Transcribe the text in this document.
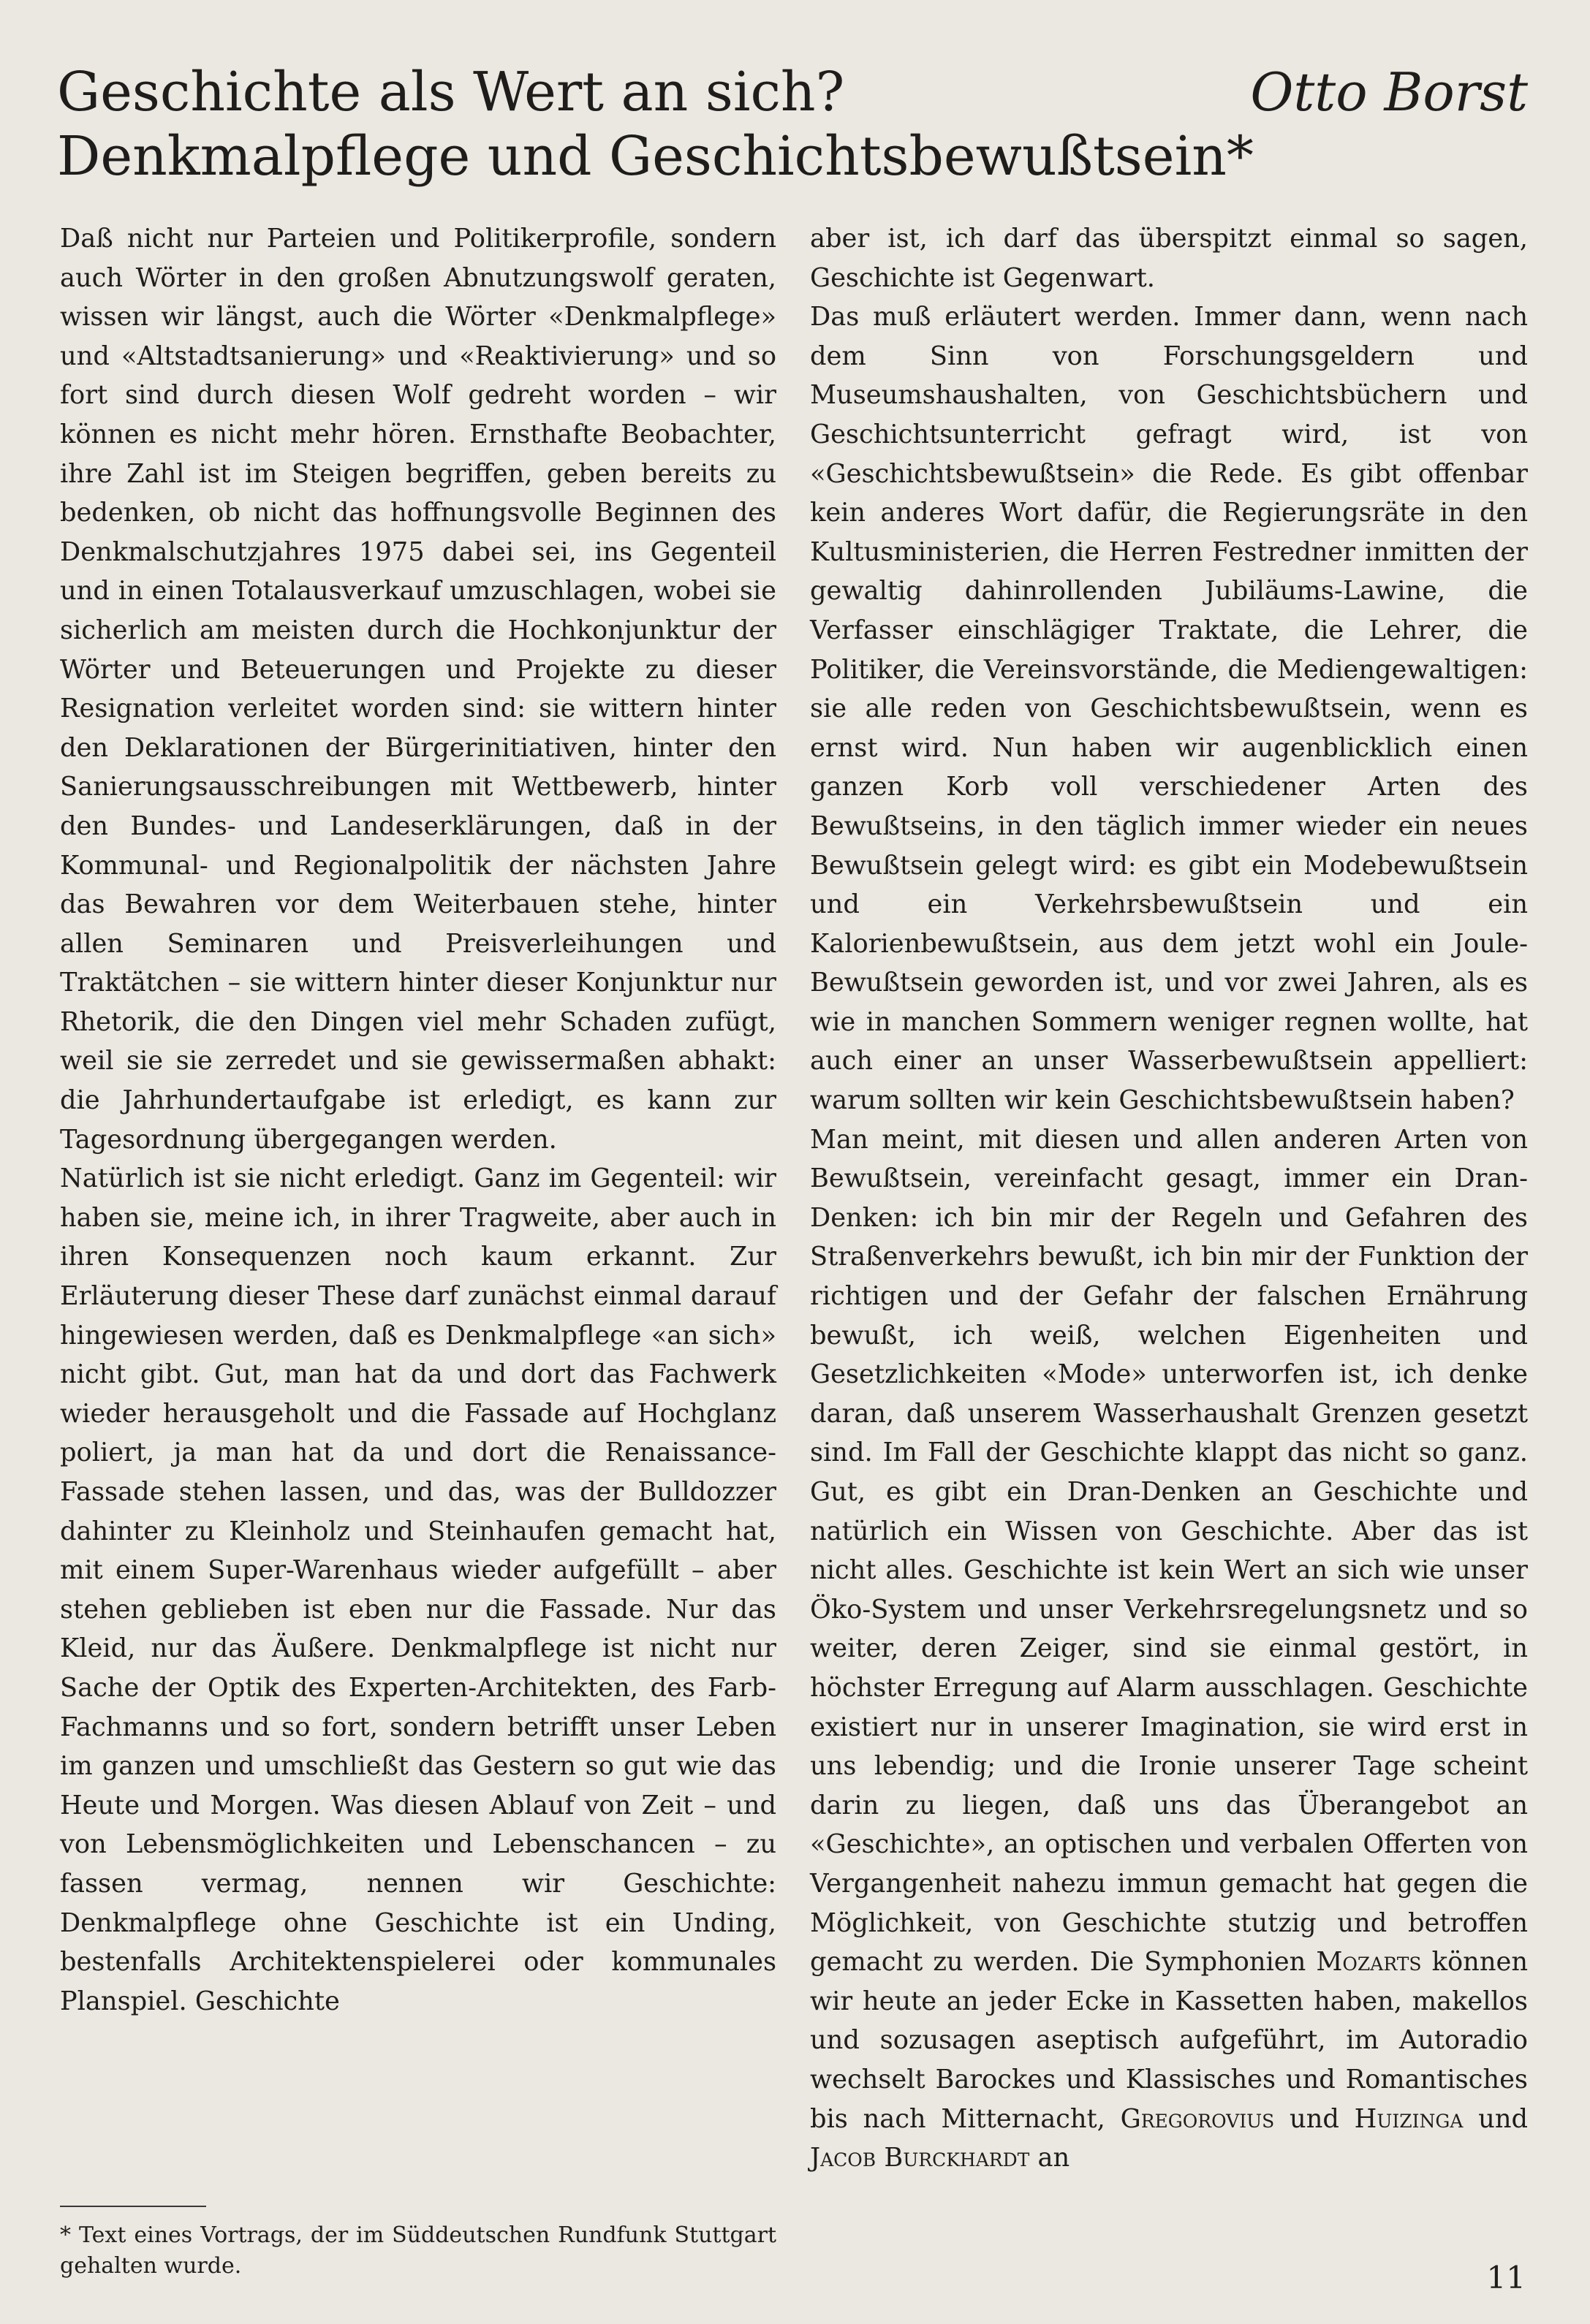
Geschichte als Wert an sich?
Denkmalpflege und Geschichtsbewußtsein*
Otto Borst

Daß nicht nur Parteien und Politikerprofile, sondern auch Wörter in den großen Abnutzungswolf geraten, wissen wir längst, auch die Wörter «Denkmalpflege» und «Altstadtsanierung» und «Reaktivierung» und so fort sind durch diesen Wolf gedreht worden – wir können es nicht mehr hören. Ernsthafte Beobachter, ihre Zahl ist im Steigen begriffen, geben bereits zu bedenken, ob nicht das hoffnungsvolle Beginnen des Denkmalschutzjahres 1975 dabei sei, ins Gegenteil und in einen Totalausverkauf umzuschlagen, wobei sie sicherlich am meisten durch die Hochkonjunktur der Wörter und Beteuerungen und Projekte zu dieser Resignation verleitet worden sind: sie wittern hinter den Deklarationen der Bürgerinitiativen, hinter den Sanierungsausschreibungen mit Wettbewerb, hinter den Bundes- und Landeserklärungen, daß in der Kommunal- und Regionalpolitik der nächsten Jahre das Bewahren vor dem Weiterbauen stehe, hinter allen Seminaren und Preisverleihungen und Traktätchen – sie wittern hinter dieser Konjunktur nur Rhetorik, die den Dingen viel mehr Schaden zufügt, weil sie sie zerredet und sie gewissermaßen abhakt: die Jahrhundertaufgabe ist erledigt, es kann zur Tagesordnung übergegangen werden.

Natürlich ist sie nicht erledigt. Ganz im Gegenteil: wir haben sie, meine ich, in ihrer Tragweite, aber auch in ihren Konsequenzen noch kaum erkannt. Zur Erläuterung dieser These darf zunächst einmal darauf hingewiesen werden, daß es Denkmalpflege «an sich» nicht gibt. Gut, man hat da und dort das Fachwerk wieder herausgeholt und die Fassade auf Hochglanz poliert, ja man hat da und dort die Renaissance-Fassade stehen lassen, und das, was der Bulldozzer dahinter zu Kleinholz und Steinhaufen gemacht hat, mit einem Super-Warenhaus wieder aufgefüllt – aber stehen geblieben ist eben nur die Fassade. Nur das Kleid, nur das Äußere. Denkmalpflege ist nicht nur Sache der Optik des Experten-Architekten, des Farb-Fachmanns und so fort, sondern betrifft unser Leben im ganzen und umschließt das Gestern so gut wie das Heute und Morgen. Was diesen Ablauf von Zeit – und von Lebensmöglichkeiten und Lebenschancen – zu fassen vermag, nennen wir Geschichte: Denkmalpflege ohne Geschichte ist ein Unding, bestenfalls Architektenspielerei oder kommunales Planspiel. Geschichte

aber ist, ich darf das überspitzt einmal so sagen, Geschichte ist Gegenwart.

Das muß erläutert werden. Immer dann, wenn nach dem Sinn von Forschungsgeldern und Museumshaushalten, von Geschichtsbüchern und Geschichtsunterricht gefragt wird, ist von «Geschichtsbewußtsein» die Rede. Es gibt offenbar kein anderes Wort dafür, die Regierungsräte in den Kultusministerien, die Herren Festredner inmitten der gewaltig dahinrollenden Jubiläums-Lawine, die Verfasser einschlägiger Traktate, die Lehrer, die Politiker, die Vereinsvorstände, die Mediengewaltigen: sie alle reden von Geschichtsbewußtsein, wenn es ernst wird. Nun haben wir augenblicklich einen ganzen Korb voll verschiedener Arten des Bewußtseins, in den täglich immer wieder ein neues Bewußtsein gelegt wird: es gibt ein Modebewußtsein und ein Verkehrsbewußtsein und ein Kalorienbewußtsein, aus dem jetzt wohl ein Joule-Bewußtsein geworden ist, und vor zwei Jahren, als es wie in manchen Sommern weniger regnen wollte, hat auch einer an unser Wasserbewußtsein appelliert: warum sollten wir kein Geschichtsbewußtsein haben?

Man meint, mit diesen und allen anderen Arten von Bewußtsein, vereinfacht gesagt, immer ein Dran-Denken: ich bin mir der Regeln und Gefahren des Straßenverkehrs bewußt, ich bin mir der Funktion der richtigen und der Gefahr der falschen Ernährung bewußt, ich weiß, welchen Eigenheiten und Gesetzlichkeiten «Mode» unterworfen ist, ich denke daran, daß unserem Wasserhaushalt Grenzen gesetzt sind. Im Fall der Geschichte klappt das nicht so ganz. Gut, es gibt ein Dran-Denken an Geschichte und natürlich ein Wissen von Geschichte. Aber das ist nicht alles. Geschichte ist kein Wert an sich wie unser Öko-System und unser Verkehrsregelungsnetz und so weiter, deren Zeiger, sind sie einmal gestört, in höchster Erregung auf Alarm ausschlagen. Geschichte existiert nur in unserer Imagination, sie wird erst in uns lebendig; und die Ironie unserer Tage scheint darin zu liegen, daß uns das Überangebot an «Geschichte», an optischen und verbalen Offerten von Vergangenheit nahezu immun gemacht hat gegen die Möglichkeit, von Geschichte stutzig und betroffen gemacht zu werden. Die Symphonien Mozarts können wir heute an jeder Ecke in Kassetten haben, makellos und sozusagen aseptisch aufgeführt, im Autoradio wechselt Barockes und Klassisches und Romantisches bis nach Mitternacht, Gregorovius und Huizinga und Jacob Burckhardt an

* Text eines Vortrags, der im Süddeutschen Rundfunk Stuttgart gehalten wurde.	11
